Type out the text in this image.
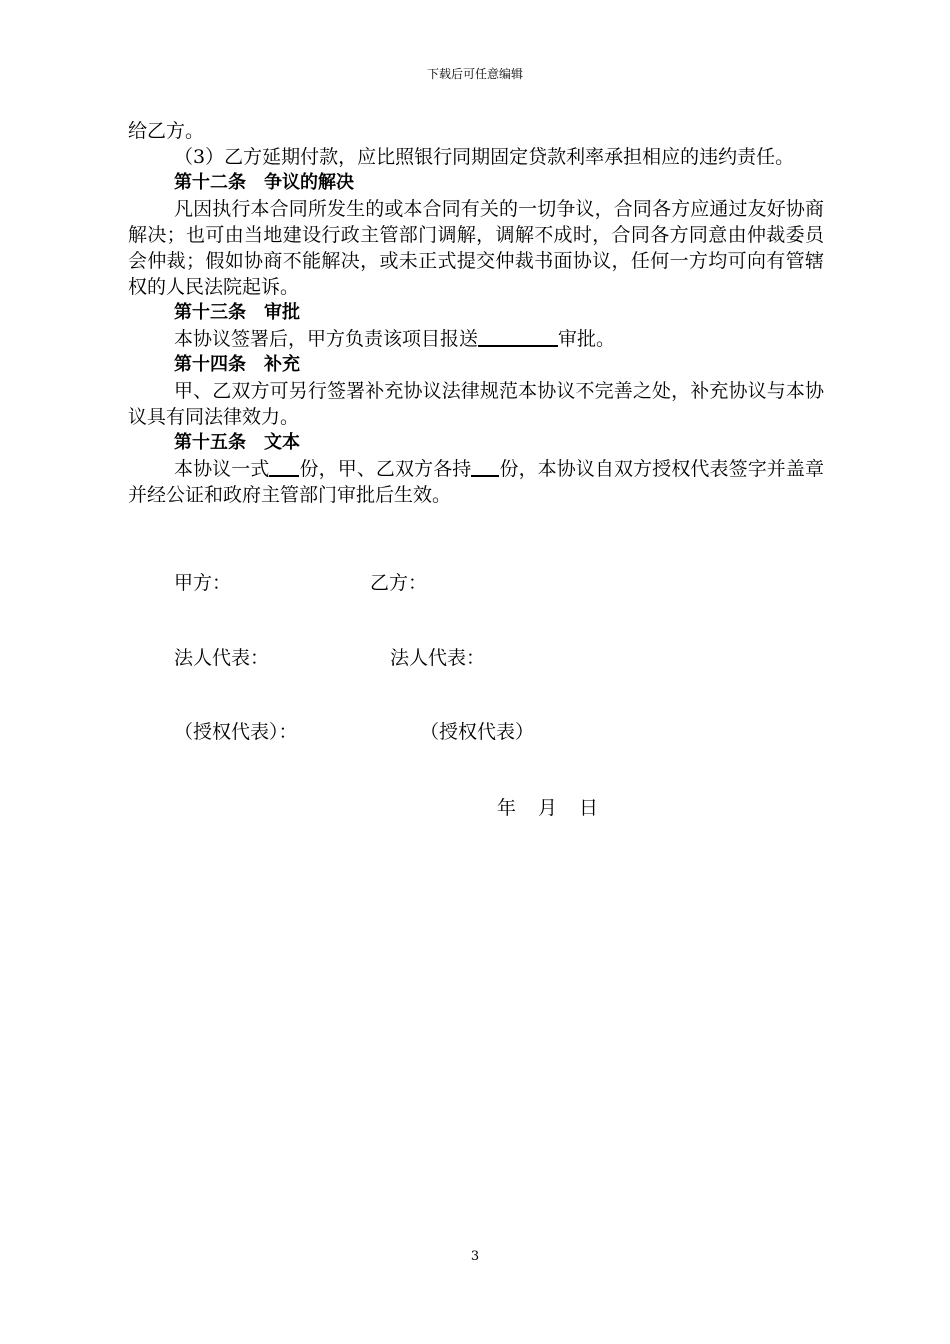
下载后可任意编辑

给乙方。

（3）乙方延期付款，应比照银行同期固定贷款利率承担相应的违约责任。

第十二条　争议的解决

凡因执行本合同所发生的或本合同有关的一切争议，合同各方应通过友好协商解决；也可由当地建设行政主管部门调解，调解不成时，合同各方同意由仲裁委员会仲裁；假如协商不能解决，或未正式提交仲裁书面协议，任何一方均可向有管辖权的人民法院起诉。

第十三条　审批

本协议签署后，甲方负责该项目报送	审批。

第十四条　补充

甲、乙双方可另行签署补充协议法律规范本协议不完善之处，补充协议与本协议具有同法律效力。

第十五条　文本

本协议一式 份，甲、乙双方各持 份，本协议自双方授权代表签字并盖章并经公证和政府主管部门审批后生效。

甲方：	乙方：
法人代表：	法人代表：
（授权代表）：	（授权代表）
年 月 日
3
